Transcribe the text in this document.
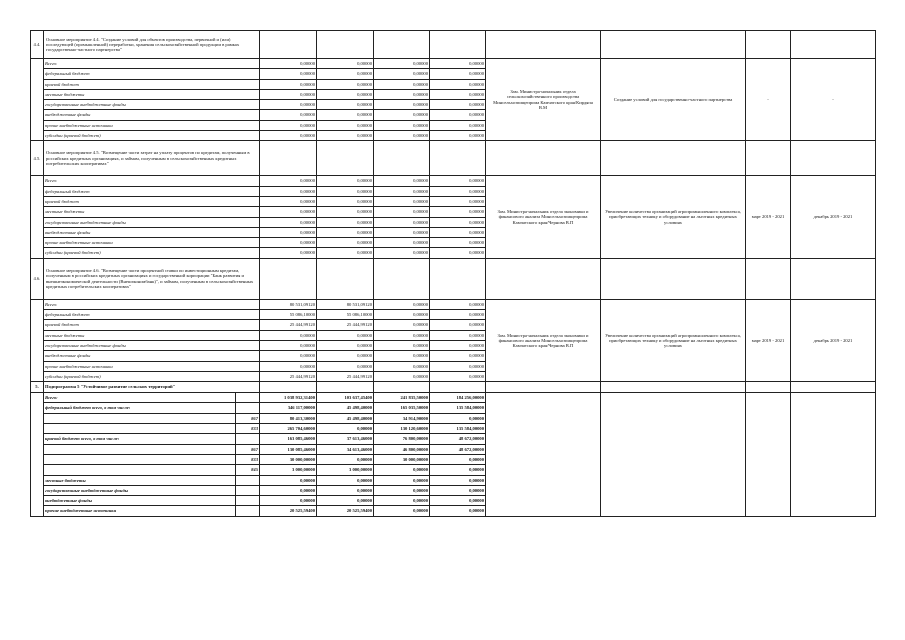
4.4.	Основное мероприятие 4.4. "Создание условий для объектов производства, первичной и (или) последующей (промышленной) переработки, хранения сельскохозяйственной продукции в рамках государственно-частного партнерства"									
	Всего:		0,00000	0,00000	0,00000	0,00000	Зам. Министра-начальник отдела сельскохозяйственного производства Минсельхозпищепрома Камчатского края/Кирдяпа В.М	Создание условий для государственно-частного партнерства	-	-
	федеральный бюджет		0,00000	0,00000	0,00000	0,00000				
	краевой бюджет		0,00000	0,00000	0,00000	0,00000				
	местные бюджеты		0,00000	0,00000	0,00000	0,00000				
	государственные внебюджетные фонды		0,00000	0,00000	0,00000	0,00000				
	внебюджетные фонды		0,00000	0,00000	0,00000	0,00000				
	прочие внебюджетные источники		0,00000	0,00000	0,00000	0,00000				
	субсидии (краевой бюджет)		0,00000	0,00000	0,00000	0,00000				
4.5.	Основное мероприятие 4.5. "Возмещение части затрат на уплату процентов по кредитам, полученным в российских кредитных организациях, и займам, полученным в сельскохозяйственных кредитных потребительских кооперативах"									
	Всего:		0,00000	0,00000	0,00000	0,00000	Зам. Министра-начальник отдела экономики и финансового анализа Минсельхозпищепрома Камчатского края/Чернова В.П	Увеличение количества организаций агропромышленного комплекса, приобретающих технику и оборудование на льготных кредитных условиях	март 2019 - 2021	декабрь 2019 - 2021
	федеральный бюджет		0,00000	0,00000	0,00000	0,00000				
	краевой бюджет		0,00000	0,00000	0,00000	0,00000				
	местные бюджеты		0,00000	0,00000	0,00000	0,00000				
	государственные внебюджетные фонды		0,00000	0,00000	0,00000	0,00000				
	внебюджетные фонды		0,00000	0,00000	0,00000	0,00000				
	прочие внебюджетные источники		0,00000	0,00000	0,00000	0,00000				
	субсидии (краевой бюджет)		0,00000	0,00000	0,00000	0,00000				
4.6.	Основное мероприятие 4.6. "Возмещение части процентной ставки по инвестиционным кредитам, полученным в российских кредитных организациях и государственной корпорации "Банк развития и внешнеэкономической деятельности (Внешэкономбанк)", и займам, полученным в сельскохозяйственных кредитных потребительских кооперативах"									
	Всего:		80 531,09120	80 531,09120	0,00000	0,00000	Зам. Министра-начальник отдела экономики и финансового анализа Минсельхозпищепрома Камчатского края/Чернова В.П	Увеличение количества организаций агропромышленного комплекса, приобретающих технику и оборудование на льготных кредитных условиях	март 2019 - 2021	декабрь 2019 - 2021
	федеральный бюджет		55 086,10000	55 086,10000	0,00000	0,00000				
	краевой бюджет		25 444,99120	25 444,99120	0,00000	0,00000				
	местные бюджеты		0,00000	0,00000	0,00000	0,00000				
	государственные внебюджетные фонды		0,00000	0,00000	0,00000	0,00000				
	внебюджетные фонды		0,00000	0,00000	0,00000	0,00000				
	прочие внебюджетные источники		0,00000	0,00000	0,00000	0,00000				
	субсидии (краевой бюджет)		25 444,99120	25 444,99120	0,00000	0,00000				
5.	Подпрограмма 5 "Устойчивое развитие сельских территорий"									
	Всего:		1 038 932,31400	103 637,45400	241 835,50000	184 256,00000				
	федеральный бюджет всего, в том числе:		346 117,00000	45 498,40000	165 035,50000	135 584,00000				
		867	80 413,30000	45 498,40000	34 914,90000	0,00000				
		833	265 704,60000	0,00000	130 120,60000	135 584,00000				
	краевой бюджет всего, в том числе:		163 085,46000	37 613,46000	76 800,00000	48 672,00000				
		867	130 085,46000	34 613,46000	46 800,00000	48 672,00000				
		833	30 000,00000	0,00000	30 000,00000	0,00000				
		845	3 000,00000	3 000,00000	0,00000	0,00000				
	местные бюджеты		0,00000	0,00000	0,00000	0,00000				
	государственные внебюджетные фонды		0,00000	0,00000	0,00000	0,00000				
	внебюджетные фонды		0,00000	0,00000	0,00000	0,00000				
	прочие внебюджетные источники		20 525,59400	20 525,59400	0,00000	0,00000				
